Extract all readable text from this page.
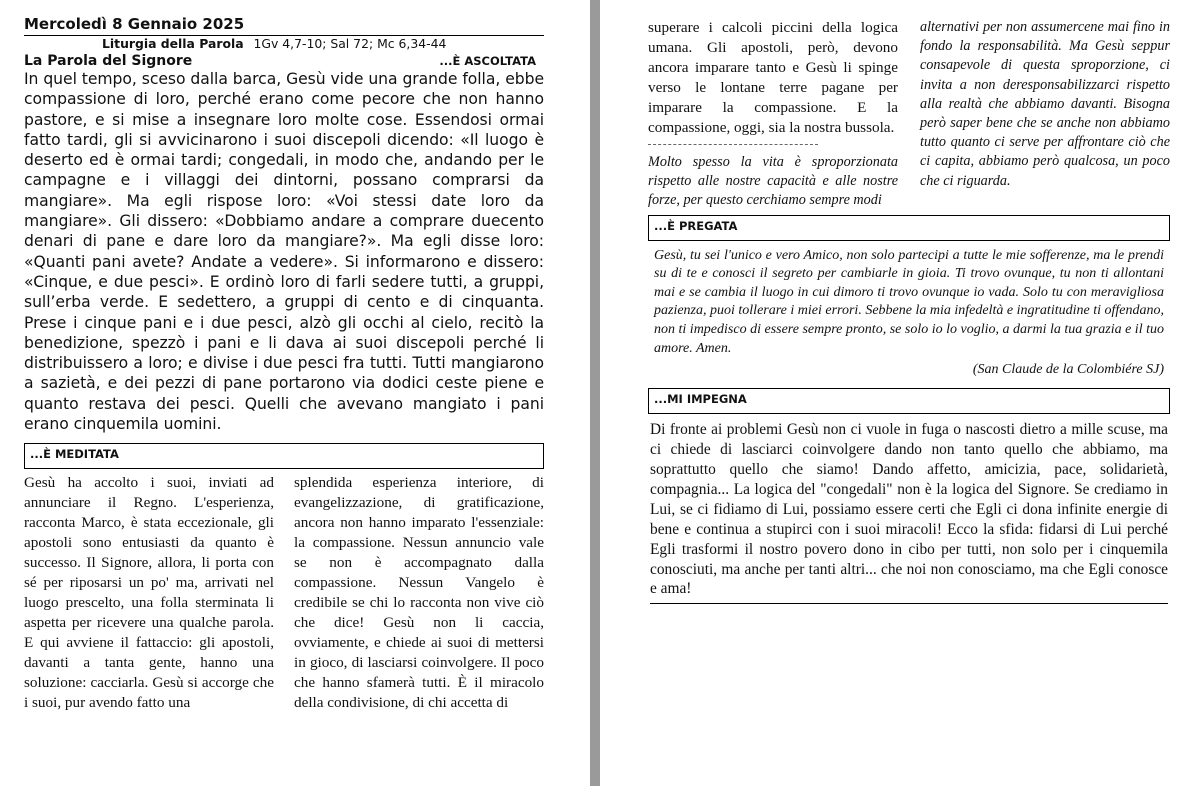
Mercoledì 8 Gennaio 2025
Liturgia della Parola 1Gv 4,7-10; Sal 72; Mc 6,34-44
La Parola del Signore	...È ASCOLTATA

In quel tempo, sceso dalla barca, Gesù vide una grande folla, ebbe compassione di loro, perché erano come pecore che non hanno pastore, e si mise a insegnare loro molte cose. Essendosi ormai fatto tardi, gli si avvicinarono i suoi discepoli dicendo: «Il luogo è deserto ed è ormai tardi; congedali, in modo che, andando per le campagne e i villaggi dei dintorni, possano comprarsi da mangiare». Ma egli rispose loro: «Voi stessi date loro da mangiare». Gli dissero: «Dobbiamo andare a comprare duecento denari di pane e dare loro da mangiare?». Ma egli disse loro: «Quanti pani avete? Andate a vedere». Si informarono e dissero: «Cinque, e due pesci». E ordinò loro di farli sedere tutti, a gruppi, sull’erba verde. E sedettero, a gruppi di cento e di cinquanta. Prese i cinque pani e i due pesci, alzò gli occhi al cielo, recitò la benedizione, spezzò i pani e li dava ai suoi discepoli perché li distribuissero a loro; e divise i due pesci fra tutti. Tutti mangiarono a sazietà, e dei pezzi di pane portarono via dodici ceste piene e quanto restava dei pesci. Quelli che avevano mangiato i pani erano cinquemila uomini.

...È MEDITATA
Gesù ha accolto i suoi, inviati ad annunciare il Regno. L'esperienza, racconta Marco, è stata eccezionale, gli apostoli sono entusiasti da quanto è successo. Il Signore, allora, li porta con sé per riposarsi un po' ma, arrivati nel luogo prescelto, una folla sterminata li aspetta per ricevere una qualche parola. E qui avviene il fattaccio: gli apostoli, davanti a tanta gente, hanno una soluzione: cacciarla. Gesù si accorge che i suoi, pur avendo fatto una
splendida esperienza interiore, di evangelizzazione, di gratificazione, ancora non hanno imparato l'essenziale: la compassione. Nessun annuncio vale se non è accompagnato dalla compassione. Nessun Vangelo è credibile se chi lo racconta non vive ciò che dice! Gesù non li caccia, ovviamente, e chiede ai suoi di mettersi in gioco, di lasciarsi coinvolgere. Il poco che hanno sfamerà tutti. È il miracolo della condivisione, di chi accetta di
superare i calcoli piccini della logica umana. Gli apostoli, però, devono ancora imparare tanto e Gesù li spinge verso le lontane terre pagane per imparare la compassione. E la compassione, oggi, sia la nostra bussola.
Molto spesso la vita è sproporzionata rispetto alle nostre capacità e alle nostre forze, per questo cerchiamo sempre modi
alternativi per non assumercene mai fino in fondo la responsabilità. Ma Gesù seppur consapevole di questa sproporzione, ci invita a non deresponsabilizzarci rispetto alla realtà che abbiamo davanti. Bisogna però saper bene che se anche non abbiamo tutto quanto ci serve per affrontare ciò che ci capita, abbiamo però qualcosa, un poco che ci riguarda.
...È PREGATA
Gesù, tu sei l'unico e vero Amico, non solo partecipi a tutte le mie sofferenze, ma le prendi su di te e conosci il segreto per cambiarle in gioia. Ti trovo ovunque, tu non ti allontani mai e se cambia il luogo in cui dimoro ti trovo ovunque io vada. Solo tu con meravigliosa pazienza, puoi tollerare i miei errori. Sebbene la mia infedeltà e ingratitudine ti offendano, non ti impedisco di essere sempre pronto, se solo io lo voglio, a darmi la tua grazia e il tuo amore. Amen.
(San Claude de la Colombiére SJ)
...MI IMPEGNA
Di fronte ai problemi Gesù non ci vuole in fuga o nascosti dietro a mille scuse, ma ci chiede di lasciarci coinvolgere dando non tanto quello che abbiamo, ma soprattutto quello che siamo! Dando affetto, amicizia, pace, solidarietà, compagnia... La logica del "congedali" non è la logica del Signore. Se crediamo in Lui, se ci fidiamo di Lui, possiamo essere certi che Egli ci dona infinite energie di bene e continua a stupirci con i suoi miracoli! Ecco la sfida: fidarsi di Lui perché Egli trasformi il nostro povero dono in cibo per tutti, non solo per i cinquemila conosciuti, ma anche per tanti altri... che noi non conosciamo, ma che Egli conosce e ama!
